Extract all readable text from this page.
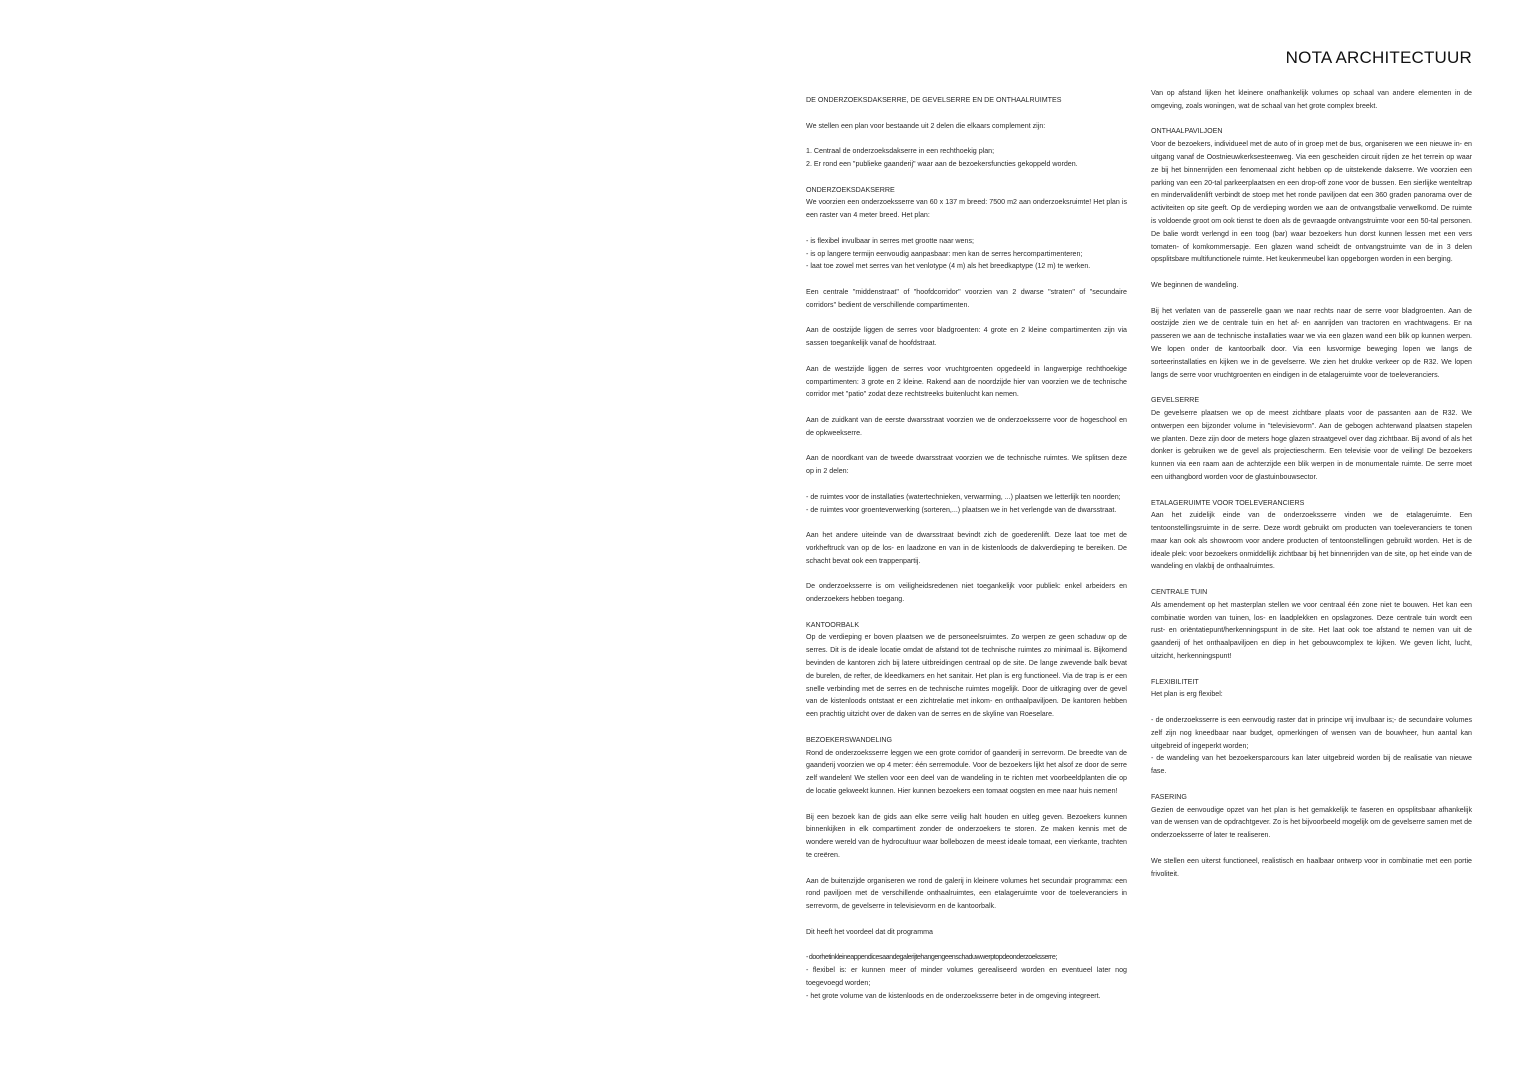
NOTA ARCHITECTUUR

DE ONDERZOEKSDAKSERRE, DE GEVELSERRE EN DE ONTHAALRUIMTES

We stellen een plan voor bestaande uit 2 delen die elkaars complement zijn:

1. Centraal de onderzoeksdakserre in een rechthoekig plan;

2. Er rond een "publieke gaanderij" waar aan de bezoekersfuncties gekoppeld worden.

ONDERZOEKSDAKSERRE

We voorzien een onderzoeksserre van 60 x 137 m breed: 7500 m2 aan onderzoeksruimte! Het plan is een raster van 4 meter breed. Het plan:

- is flexibel invulbaar in serres met grootte naar wens;
- is op langere termijn eenvoudig aanpasbaar: men kan de serres hercompartimenteren;

- laat toe zowel met serres van het venlotype (4 m) als het breedkaptype (12 m) te werken.

Een centrale "middenstraat" of "hoofdcorridor" voorzien van 2 dwarse "straten" of "secundaire corridors" bedient de verschillende compartimenten.

Aan de oostzijde liggen de serres voor bladgroenten: 4 grote en 2 kleine compartimenten zijn via sassen toegankelijk vanaf de hoofdstraat.

Aan de westzijde liggen de serres voor vruchtgroenten opgedeeld in langwerpige rechthoekige compartimenten: 3 grote en 2 kleine. Rakend aan de noordzijde hier van voorzien we de technische corridor met "patio" zodat deze rechtstreeks buitenlucht kan nemen.

Aan de zuidkant van de eerste dwarsstraat voorzien we de onderzoeksserre voor de hogeschool en de opkweekserre.

Aan de noordkant van de tweede dwarsstraat voorzien we de technische ruimtes. We splitsen deze op in 2 delen:

- de ruimtes voor de installaties (watertechnieken, verwarming, ...) plaatsen we letterlijk ten noorden;

- de ruimtes voor groenteverwerking (sorteren,...) plaatsen we in het verlengde van de dwarsstraat.

Aan het andere uiteinde van de dwarsstraat bevindt zich de goederenlift. Deze laat toe met de vorkheftruck van op de los- en laadzone en van in de kistenloods de dakverdieping te bereiken. De schacht bevat ook een trappenpartij.

De onderzoeksserre is om veiligheidsredenen niet toegankelijk voor publiek: enkel arbeiders en onderzoekers hebben toegang.

KANTOORBALK

Op de verdieping er boven plaatsen we de personeelsruimtes. Zo werpen ze geen schaduw op de serres. Dit is de ideale locatie omdat de afstand tot de technische ruimtes zo minimaal is. Bijkomend bevinden de kantoren zich bij latere uitbreidingen centraal op de site. De lange zwevende balk bevat de burelen, de refter, de kleedkamers en het sanitair. Het plan is erg functioneel. Via de trap is er een snelle verbinding met de serres en de technische ruimtes mogelijk. Door de uitkraging over de gevel van de kistenloods ontstaat er een zichtrelatie met inkom- en onthaalpaviljoen. De kantoren hebben een prachtig uitzicht over de daken van de serres en de skyline van Roeselare.

BEZOEKERSWANDELING

Rond de onderzoeksserre leggen we een grote corridor of gaanderij in serrevorm. De breedte van de gaanderij voorzien we op 4 meter: één serremodule. Voor de bezoekers lijkt het alsof ze door de serre zelf wandelen! We stellen voor een deel van de wandeling in te richten met voorbeeldplanten die op de locatie gekweekt kunnen. Hier kunnen bezoekers een tomaat oogsten en mee naar huis nemen!

Bij een bezoek kan de gids aan elke serre veilig halt houden en uitleg geven. Bezoekers kunnen binnenkijken in elk compartiment zonder de onderzoekers te storen. Ze maken kennis met de wondere wereld van de hydrocultuur waar bollebozen de meest ideale tomaat, een vierkante, trachten te creëren.

Aan de buitenzijde organiseren we rond de galerij in kleinere volumes het secundair programma: een rond paviljoen met de verschillende onthaalruimtes, een etalageruimte voor de toeleveranciers in serrevorm, de gevelserre in televisievorm en de kantoorbalk.

Dit heeft het voordeel dat dit programma

- doorhetinkleineappendicesaandegalerijtehangengeenschaduwwerptopdeonderzoeksserre;
- flexibel is: er kunnen meer of minder volumes gerealiseerd worden en eventueel later nog toegevoegd worden;
- het grote volume van de kistenloods en de onderzoeksserre beter in de omgeving integreert.

Van op afstand lijken het kleinere onafhankelijk volumes op schaal van andere elementen in de omgeving, zoals woningen, wat de schaal van het grote complex breekt.

ONTHAALPAVILJOEN

Voor de bezoekers, individueel met de auto of in groep met de bus, organiseren we een nieuwe in- en uitgang vanaf de Oostnieuwkerksesteenweg. Via een gescheiden circuit rijden ze het terrein op waar ze bij het binnenrijden een fenomenaal zicht hebben op de uitstekende dakserre. We voorzien een parking van een 20-tal parkeerplaatsen en een drop-off zone voor de bussen. Een sierlijke wenteltrap en mindervalidenlift verbindt de stoep met het ronde paviljoen dat een 360 graden panorama over de activiteiten op site geeft. Op de verdieping worden we aan de ontvangstbalie verwelkomd. De ruimte is voldoende groot om ook tienst te doen als de gevraagde ontvangstruimte voor een 50-tal personen. De balie wordt verlengd in een toog (bar) waar bezoekers hun dorst kunnen lessen met een vers tomaten- of komkommersapje. Een glazen wand scheidt de ontvangstruimte van de in 3 delen opsplitsbare multifunctionele ruimte. Het keukenmeubel kan opgeborgen worden in een berging.

We beginnen de wandeling.

Bij het verlaten van de passerelle gaan we naar rechts naar de serre voor bladgroenten. Aan de oostzijde zien we de centrale tuin en het af- en aanrijden van tractoren en vrachtwagens. Er na passeren we aan de technische installaties waar we via een glazen wand een blik op kunnen werpen. We lopen onder de kantoorbalk door. Via een lusvormige beweging lopen we langs de sorteerinstallaties en kijken we in de gevelserre. We zien het drukke verkeer op de R32. We lopen langs de serre voor vruchtgroenten en eindigen in de etalageruimte voor de toeleveranciers.

GEVELSERRE

De gevelserre plaatsen we op de meest zichtbare plaats voor de passanten aan de R32. We ontwerpen een bijzonder volume in "televisievorm". Aan de gebogen achterwand plaatsen stapelen we planten. Deze zijn door de meters hoge glazen straatgevel over dag zichtbaar. Bij avond of als het donker is gebruiken we de gevel als projectiescherm. Een televisie voor de veiling! De bezoekers kunnen via een raam aan de achterzijde een blik werpen in de monumentale ruimte. De serre moet een uithangbord worden voor de glastuinbouwsector.

ETALAGERUIMTE VOOR TOELEVERANCIERS

Aan het zuidelijk einde van de onderzoeksserre vinden we de etalageruimte. Een tentoonstellingsruimte in de serre. Deze wordt gebruikt om producten van toeleveranciers te tonen maar kan ook als showroom voor andere producten of tentoonstellingen gebruikt worden. Het is de ideale plek: voor bezoekers onmiddellijk zichtbaar bij het binnenrijden van de site, op het einde van de wandeling en vlakbij de onthaalruimtes.

CENTRALE TUIN

Als amendement op het masterplan stellen we voor centraal één zone niet te bouwen. Het kan een combinatie worden van tuinen, los- en laadplekken en opslagzones. Deze centrale tuin wordt een rust- en oriëntatiepunt/herkenningspunt in de site. Het laat ook toe afstand te nemen van uit de gaanderij of het onthaalpaviljoen en diep in het gebouwcomplex te kijken. We geven licht, lucht, uitzicht, herkenningspunt!

FLEXIBILITEIT

Het plan is erg flexibel:

- de onderzoeksserre is een eenvoudig raster dat in principe vrij invulbaar is;- de secundaire volumes zelf zijn nog kneedbaar naar budget, opmerkingen of wensen van de bouwheer, hun aantal kan uitgebreid of ingeperkt worden;

- de wandeling van het bezoekersparcours kan later uitgebreid worden bij de realisatie van nieuwe fase.

FASERING

Gezien de eenvoudige opzet van het plan is het gemakkelijk te faseren en opsplitsbaar afhankelijk van de wensen van de opdrachtgever. Zo is het bijvoorbeeld mogelijk om de gevelserre samen met de onderzoeksserre of later te realiseren.

We stellen een uiterst functioneel, realistisch en haalbaar ontwerp voor in combinatie met een portie frivoliteit.
